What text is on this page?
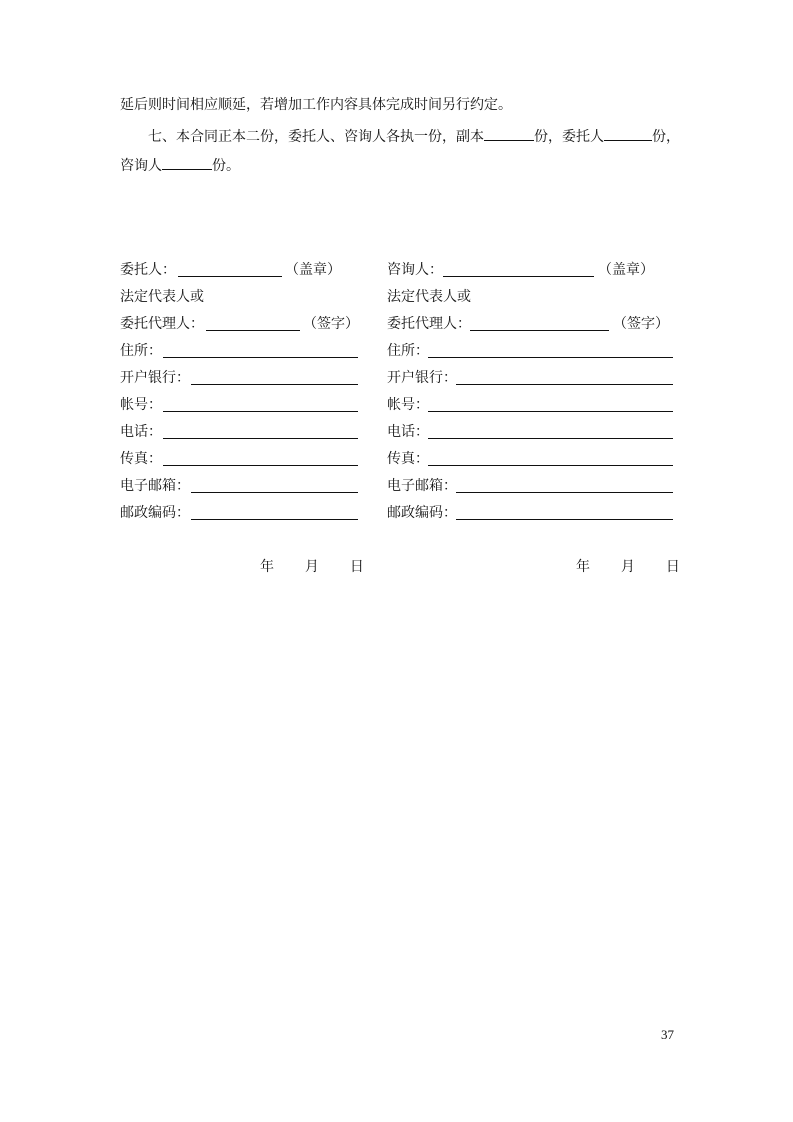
延后则时间相应顺延，若增加工作内容具体完成时间另行约定。
七、本合同正本二份，委托人、咨询人各执一份，副本	份，委托人	份，
咨询人	份。
委托人：	（盖章）
法定代表人或
委托代理人：	（签字）
住所：
开户银行：
帐号：
电话：
传真：
电子邮箱：
邮政编码：
年 月 日
咨询人：	（盖章）
法定代表人或
委托代理人：	（签字）
住所：
开户银行：
帐号：
电话：
传真：
电子邮箱：
邮政编码：
年 月 日
37
